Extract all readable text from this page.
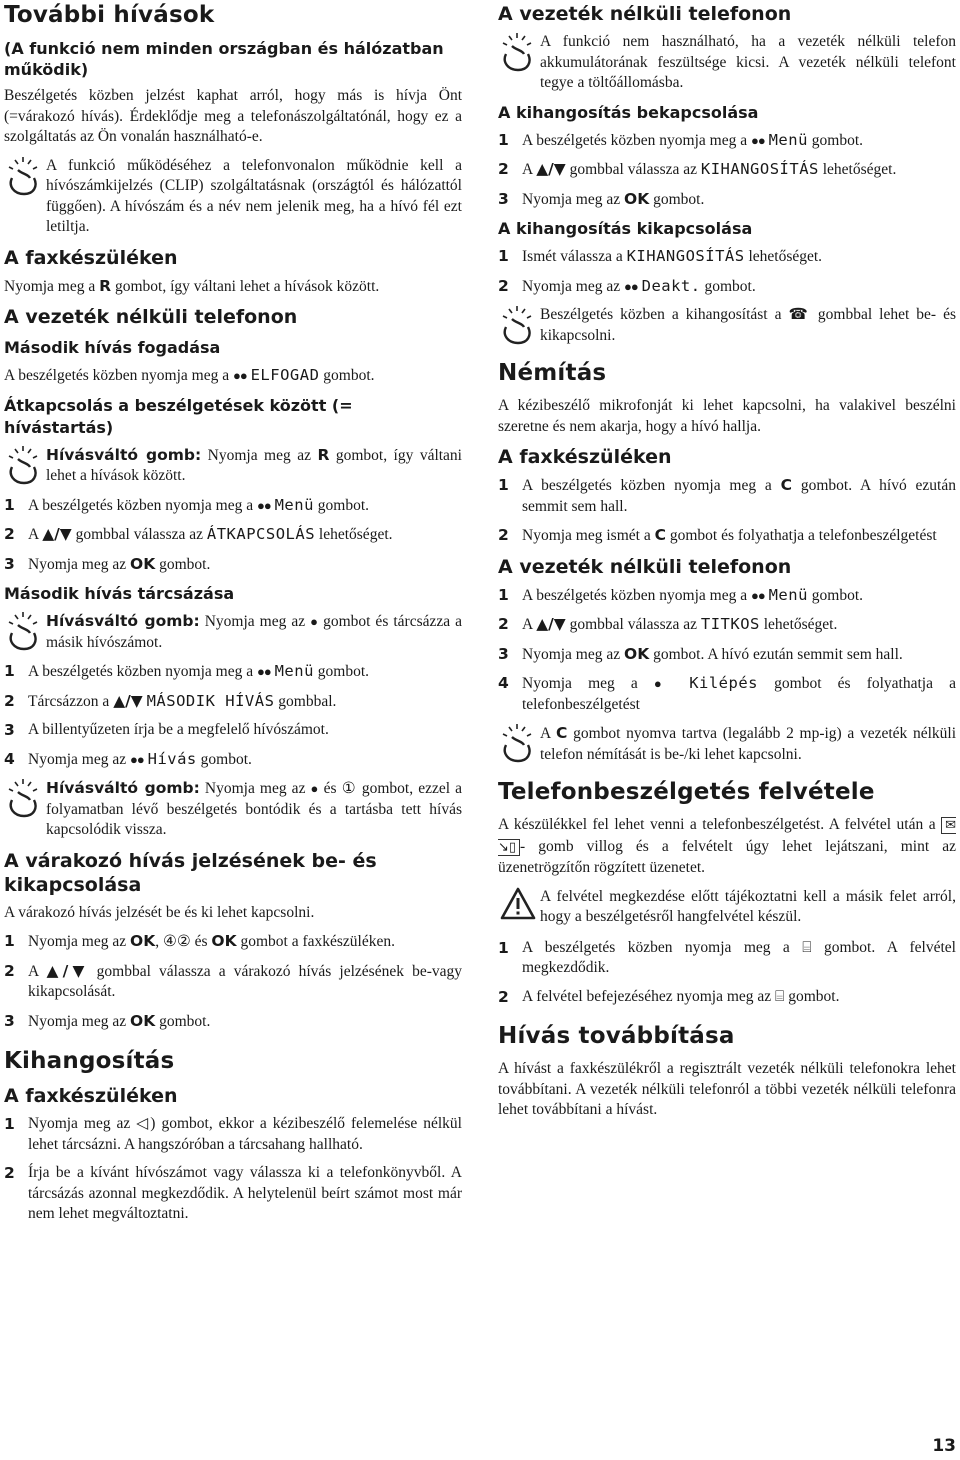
További hívások
(A funkció nem minden országban és hálózatban működik)

Beszélgetés közben jelzést kaphat arról, hogy más is hívja Önt (=várakozó hívás). Érdeklődje meg a telefonászolgáltatónál, hogy ez a szolgáltatás az Ön vonalán használható-e.

A funkció működéséhez a telefonvonalon működnie kell a hívószámkijelzés (CLIP) szolgáltatásnak (országtól és hálózattól függően). A hívószám és a név nem jelenik meg, ha a hívó fél ezt letiltja.
A faxkészüléken

Nyomja meg a R gombot, így váltani lehet a hívások között.

A vezeték nélküli telefonon
Második hívás fogadása

A beszélgetés közben nyomja meg a ●● ELFOGAD gombot.

Átkapcsolás a beszélgetések között (= hívástartás)
Hívásváltó gomb: Nyomja meg az R gombot, így váltani lehet a hívások között.
1 A beszélgetés közben nyomja meg a ●● Menü gombot.
2 A ▲/▼ gombbal válassza az ÁTKAPCSOLÁS lehetőséget.
3 Nyomja meg az OK gombot.
Második hívás tárcsázása
Hívásváltó gomb: Nyomja meg az ● gombot és tárcsázza a másik hívószámot.
1 A beszélgetés közben nyomja meg a ●● Menü gombot.
2 Tárcsázzon a ▲/▼ MÁSODIK HÍVÁS gombbal.
3 A billentyűzeten írja be a megfelelő hívószámot.
4 Nyomja meg az ●● Hívás gombot.
Hívásváltó gomb: Nyomja meg az ● és ① gombot, ezzel a folyamatban lévő beszélgetés bontódik és a tartásba tett hívás kapcsolódik vissza.
A várakozó hívás jelzésének be- és kikapcsolása

A várakozó hívás jelzését be és ki lehet kapcsolni.

1 Nyomja meg az OK, ④② és OK gombot a faxkészüléken.
2 A ▲/▼ gombbal válassza a várakozó hívás jelzésének be-vagy kikapcsolását.
3 Nyomja meg az OK gombot.
Kihangosítás
A faxkészüléken
1 Nyomja meg az ◁) gombot, ekkor a kézibeszélő felemelése nélkül lehet tárcsázni. A hangszóróban a tárcsahang hallható.
2 Írja be a kívánt hívószámot vagy válassza ki a telefonkönyvből. A tárcsázás azonnal megkezdődik. A helytelenül beírt számot most már nem lehet megváltoztatni.
A vezeték nélküli telefonon
A funkció nem használható, ha a vezeték nélküli telefon akkumulátorának feszültsége kicsi. A vezeték nélküli telefont tegye a töltőállomásba.
A kihangosítás bekapcsolása
1 A beszélgetés közben nyomja meg a ●● Menü gombot.
2 A ▲/▼ gombbal válassza az KIHANGOSÍTÁS lehetőséget.
3 Nyomja meg az OK gombot.
A kihangosítás kikapcsolása
1 Ismét válassza a KIHANGOSÍTÁS lehetőséget.
2 Nyomja meg az ●● Deakt. gombot.
Beszélgetés közben a kihangosítást a ☎ gombbal lehet be- és kikapcsolni.
Némítás

A kézibeszélő mikrofonját ki lehet kapcsolni, ha valakivel beszélni szeretne és nem akarja, hogy a hívó hallja.

A faxkészüléken
1 A beszélgetés közben nyomja meg a C gombot. A hívó ezután semmit sem hall.
2 Nyomja meg ismét a C gombot és folyathatja a telefonbeszélgetést
A vezeték nélküli telefonon
1 A beszélgetés közben nyomja meg a ●● Menü gombot.
2 A ▲/▼ gombbal válassza az TITKOS lehetőséget.
3 Nyomja meg az OK gombot. A hívó ezután semmit sem hall.
4 Nyomja meg a ● Kilépés gombot és folyathatja a telefonbeszélgetést
A C gombot nyomva tartva (legalább 2 mp-ig) a vezeték nélküli telefon némítását is be-/ki lehet kapcsolni.
Telefonbeszélgetés felvétele

A készülékkel fel lehet venni a telefonbeszélgetést. A felvétel után a ✉↘▯ - gomb villog és a felvételt úgy lehet lejátszani, mint az üzenetrögzítőn rögzített üzenetet.

A felvétel megkezdése előtt tájékoztatni kell a másik felet arról, hogy a beszélgetésről hangfelvétel készül.
1 A beszélgetés közben nyomja meg a ⌸ gombot. A felvétel megkezdődik.
2 A felvétel befejezéséhez nyomja meg az ⌸ gombot.
Hívás továbbítása

A hívást a faxkészülékről a regisztrált vezeték nélküli telefonokra lehet továbbítani. A vezeték nélküli telefonról a többi vezeték nélküli telefonra lehet továbbítani a hívást.

13
